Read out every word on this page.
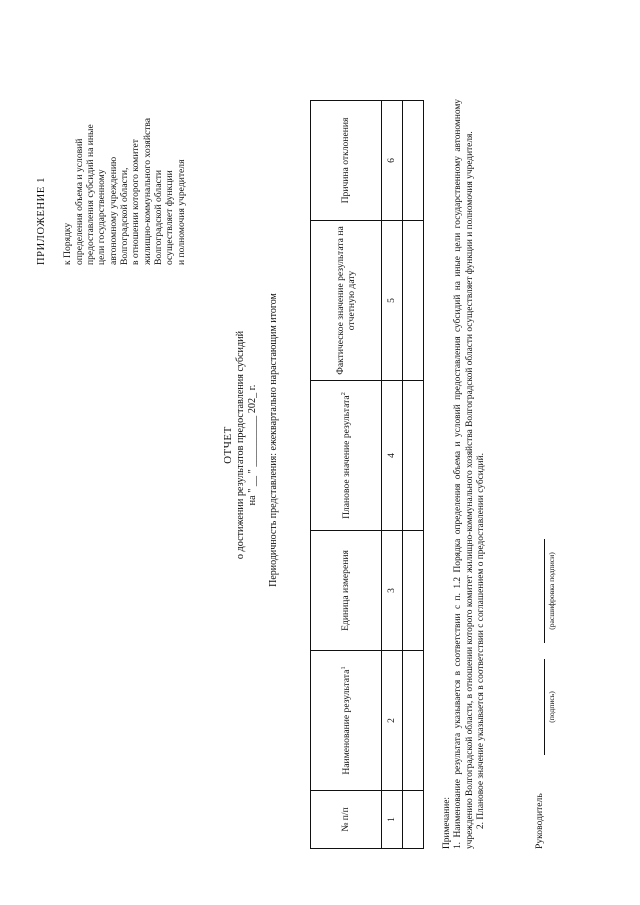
ПРИЛОЖЕНИЕ 1 к Порядку определения объема и условий предоставления субсидий на иные цели государственному автономному учреждению Волгоградской области, в отношении которого комитет жилищно-коммунального хозяйства Волгоградской области осуществляет функции и полномочия учредителя
ОТЧЕТ о достижении результатов предоставления субсидий на " __ " __________ 202_ г. Периодичность представления: ежеквартально нарастающим итогом
№ п/п	Наименование результата$^1$	Единица измерения	Плановое значение результата$^2$	Фактическое значение результата на отчетную дату	Причина отклонения
1	2	3	4	5	6

Примечание: 1. Наименование результата указывается в соответствии с п. 1.2 Порядка определения объема и условий предоставления субсидий на иные цели государственному автономному учреждению Волгоградской области, в отношении которого комитет жилищно-коммунального хозяйства Волгоградской области осуществляет функции и полномочия учредителя. 2. Плановое значение указывается в соответствии с соглашением о предоставлении субсидий.	Руководитель
(подпись)
(расшифровка подписи)
